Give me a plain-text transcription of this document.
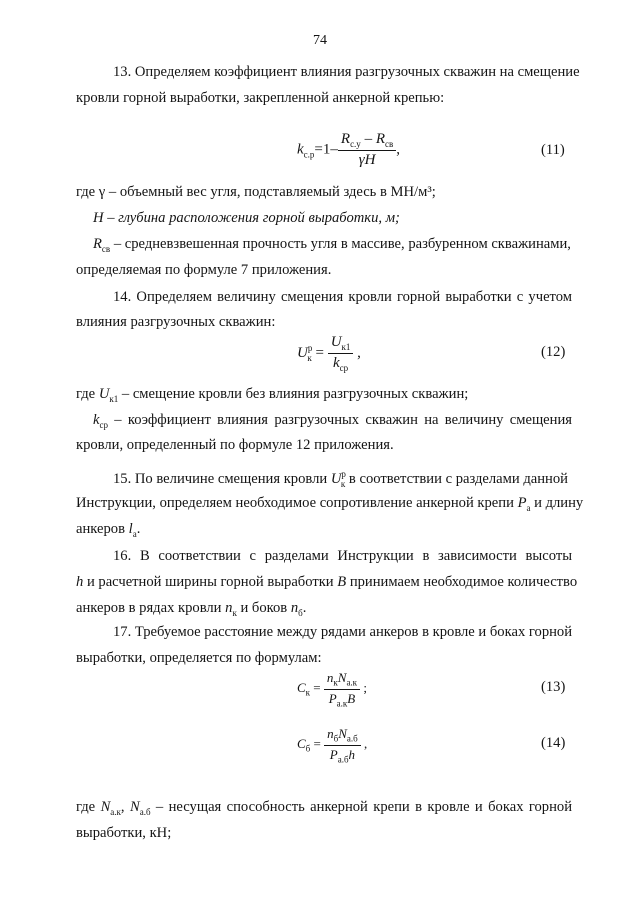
74
13. Определяем коэффициент влияния разгрузочных скважин на смещение
кровли горной выработки, закрепленной анкерной крепью:
$k_{с.р}=1- \frac{R_{с.у} - R_{св}}{\gamma H}$ ,	(11)
где γ – объемный вес угля, подставляемый здесь в МН/м³;
H – глубина расположения горной выработки, м;
$R_{св}$ – средневзвешенная прочность угля в массиве, разбуренном скважинами,
определяемая по формуле 7 приложения.
14. Определяем величину смещения кровли горной выработки с учетом
влияния разгрузочных скважин:
$U^р_к = \frac{U_{к1}}{k_{ср}}$ ,	(12)
где $U_{к1}$ – смещение кровли без влияния разгрузочных скважин;
$k_{ср}$ – коэффициент влияния разгрузочных скважин на величину смещения
кровли, определенный по формуле 12 приложения.
15. По величине смещения кровли $U^р_к$ в соответствии с разделами данной
Инструкции, определяем необходимое сопротивление анкерной крепи $P_а$ и длину
анкеров $l_а$.
16. В соответствии с разделами Инструкции в зависимости высоты
h и расчетной ширины горной выработки B принимаем необходимое количество
анкеров в рядах кровли $n_к$ и боков $n_б$.
17. Требуемое расстояние между рядами анкеров в кровле и боках горной
выработки, определяется по формулам:
$C_к = \frac{n_кN_{а.к}}{P_{а.к}B}$ ;	(13)
$C_б = \frac{n_бN_{а.б}}{P_{а.б}h}$ ,	(14)
где $N_{а.к}$, $N_{а.б}$ – несущая способность анкерной крепи в кровле и боках горной
выработки, кН;
